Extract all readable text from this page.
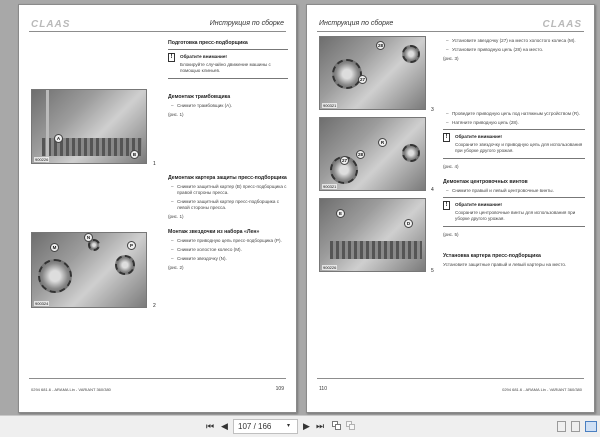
CLAAS	Инструкция по сборке
A
B
900226
1
M
N
P
900324	2
Подготовка пресс-подборщика
!	Обратите внимание!
Блокируйте случайно движение машины с помощью клиньев.
Демонтаж трамбовщика
– Снимите трамбовщик (A).
(рис. 1)
Демонтаж картера защиты пресс-подборщика
– Снимите защитный картер (B) пресс-подборщика с правой стороны пресса.
– Снимите защитный картер пресс-подборщика с левой стороны пресса.
(рис. 1)
Монтаж звездочки из набора «Лен»
– Снимите приводную цепь пресс-подборщика (P).
– Снимите холостое колесо (M).
– Снимите звездочку (N).
(рис. 2)
0294 681.6 - ARAMA Lin - VARIANT 360/380	109
Инструкция по сборке	CLAAS
28
27
900321
3
27
28
R
900321
4
E
D
900226
5
– Установите звездочку (27) на место холостого колеса (M).
– Установите приводную цепь (28) на место.
(рис. 3)
– Проведите приводную цепь под натяжным устройством (R).
– Натяните приводную цепь (28).
!	Обратите внимание!
Сохраните звездочку и приводную цепь для использования при уборке другого урожая.
(рис. 4)
Демонтаж центровочных винтов
– Снимите правый и левый центровочные винты.
!	Обратите внимание!
Сохраните центровочные винты для использования при уборке другого урожая.
(рис. 5)
Установка картера пресс-подборщика
Установите защитные правый и левый картеры на место.
110	0294 681.6 - ARAMA Lin - VARIANT 360/380
⏮ ◀	107 / 166	▾ ▶ ⏭
